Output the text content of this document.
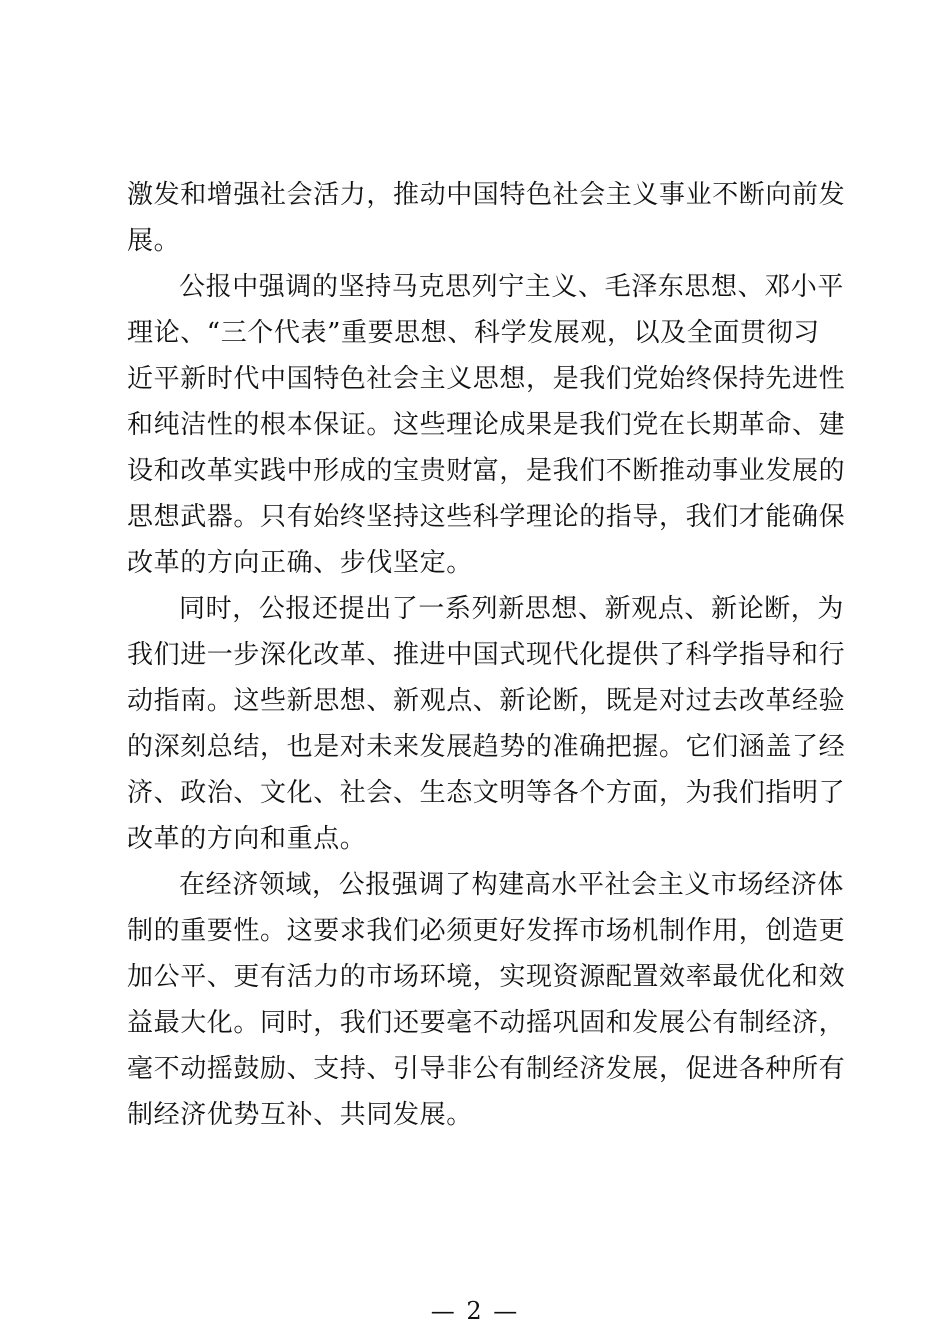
激发和增强社会活力，推动中国特色社会主义事业不断向前发
展。
公报中强调的坚持马克思列宁主义、毛泽东思想、邓小平
理论、“三个代表”重要思想、科学发展观，以及全面贯彻习
近平新时代中国特色社会主义思想，是我们党始终保持先进性
和纯洁性的根本保证。这些理论成果是我们党在长期革命、建
设和改革实践中形成的宝贵财富，是我们不断推动事业发展的
思想武器。只有始终坚持这些科学理论的指导，我们才能确保
改革的方向正确、步伐坚定。
同时，公报还提出了一系列新思想、新观点、新论断，为
我们进一步深化改革、推进中国式现代化提供了科学指导和行
动指南。这些新思想、新观点、新论断，既是对过去改革经验
的深刻总结，也是对未来发展趋势的准确把握。它们涵盖了经
济、政治、文化、社会、生态文明等各个方面，为我们指明了
改革的方向和重点。
在经济领域，公报强调了构建高水平社会主义市场经济体
制的重要性。这要求我们必须更好发挥市场机制作用，创造更
加公平、更有活力的市场环境，实现资源配置效率最优化和效
益最大化。同时，我们还要毫不动摇巩固和发展公有制经济，
毫不动摇鼓励、支持、引导非公有制经济发展，促进各种所有
制经济优势互补、共同发展。
— 2 —
